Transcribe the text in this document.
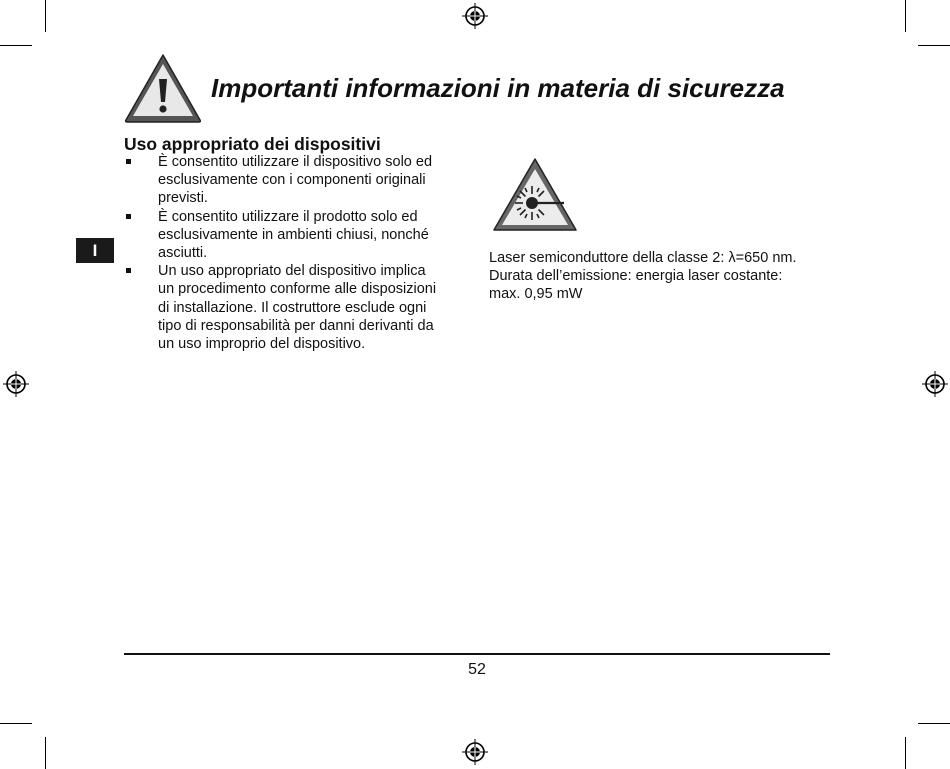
I
Importanti informazioni in materia di sicurezza
Uso appropriato dei dispositivi
È consentito utilizzare il dispositivo solo ed
esclusivamente con i componenti originali
previsti.
È consentito utilizzare il prodotto solo ed
esclusivamente in ambienti chiusi, nonché
asciutti.
Un uso appropriato del dispositivo implica
un procedimento conforme alle disposizioni
di installazione. Il costruttore esclude ogni
tipo di responsabilità per danni derivanti da
un uso improprio del dispositivo.
Laser semiconduttore della classe 2: λ=650 nm.
Durata dell’emissione: energia laser costante:
max. 0,95 mW
52
